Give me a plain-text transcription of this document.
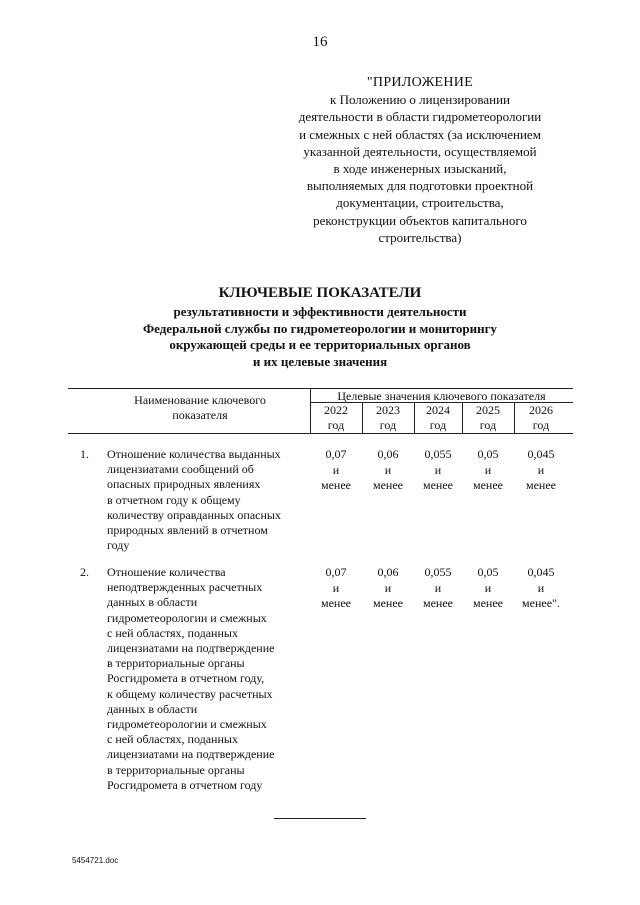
16
"ПРИЛОЖЕНИЕ
к Положению о лицензировании
деятельности в области гидрометеорологии
и смежных с ней областях (за исключением
указанной деятельности, осуществляемой
в ходе инженерных изысканий,
выполняемых для подготовки проектной
документации, строительства,
реконструкции объектов капитального
строительства)
КЛЮЧЕВЫЕ ПОКАЗАТЕЛИ
результативности и эффективности деятельности
Федеральной службы по гидрометеорологии и мониторингу
окружающей среды и ее территориальных органов
и их целевые значения
Наименование ключевого
показателя
Целевые значения ключевого показателя
2022
год
2023
год
2024
год
2025
год
2026
год
1. Отношение количества выданных
лицензиатами сообщений об
опасных природных явлениях
в отчетном году к общему
количеству оправданных опасных
природных явлений в отчетном
году
0,07
и
менее
0,06
и
менее
0,055
и
менее
0,05
и
менее
0,045
и
менее
2. Отношение количества
неподтвержденных расчетных
данных в области
гидрометеорологии и смежных
с ней областях, поданных
лицензиатами на подтверждение
в территориальные органы
Росгидромета в отчетном году,
к общему количеству расчетных
данных в области
гидрометеорологии и смежных
с ней областях, поданных
лицензиатами на подтверждение
в территориальные органы
Росгидромета в отчетном году
0,07
и
менее
0,06
и
менее
0,055
и
менее
0,05
и
менее
0,045
и
менее".
5454721.doc
